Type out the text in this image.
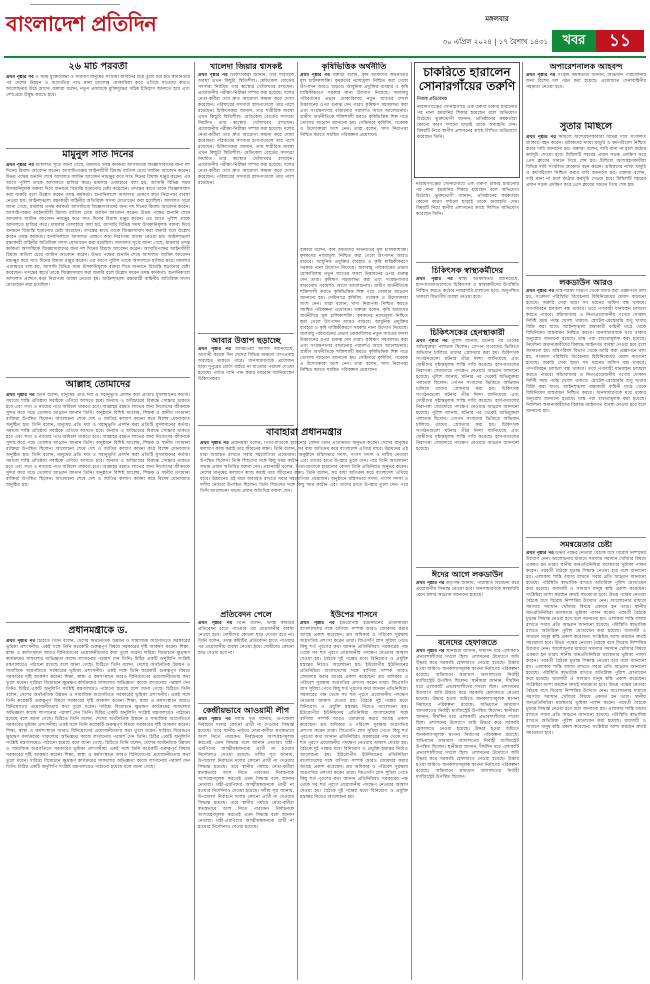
বাংলাদেশ প্রতিদিন	মঙ্গলবার
৩০ এপ্রিল ২০২৪ | ১৭ বৈশাখ ১৪৩১	খবর	১১
২৬ মার্চ পরবর্তী
প্রথম পৃষ্ঠার পর এ সময় মুক্তিযোদ্ধা ও সাধারণ মানুষের সংগ্রামী জীবনের চিত্র তুলে ধরা হয়। স্বাধীনতার পর দেশের উন্নয়ন ও অগ্রগতির পথে নানা চ্যালেঞ্জ মোকাবিলা করে এগিয়ে যাওয়ার কথাও আলোচনায় উঠে আসে। বক্তারা বলেন, নতুন প্রজন্মকে মুক্তিযুদ্ধের সঠিক ইতিহাস জানাতে হবে এবং দেশপ্রেমে উদ্বুদ্ধ করতে হবে।
মামুনুল সাত দিনের
প্রথম পৃষ্ঠার পর আদালত সূত্রে জানা গেছে, মামলার তদন্ত কর্মকর্তা আসামিকে জিজ্ঞাসাবাদের জন্য দশ দিনের রিমান্ড আবেদন করেন। আসামিপক্ষের আইনজীবী রিমান্ড বাতিল চেয়ে জামিন আবেদন করেন। উভয় পক্ষের শুনানি শেষে আদালত জামিন আবেদন নামঞ্জুর করে সাত দিনের রিমান্ড মঞ্জুর করেন। এর আগে পুলিশ তাকে আদালতে হাজির করে। মামলার এজাহারে বলা হয়, আসামি বিভিন্ন সময় উসকানিমূলক বক্তব্য দিয়ে জনমনে বিভ্রান্তি ছড়ানোর চেষ্টা করেছেন। তদন্তের স্বার্থে তাকে জিজ্ঞাসাবাদ করা জরুরি বলে উল্লেখ করেন তদন্ত কর্মকর্তা। শুনানিকালে আদালত প্রাঙ্গণে কড়া নিরাপত্তা ব্যবস্থা নেওয়া হয়। আইনশৃঙ্খলা রক্ষাকারী বাহিনীর অতিরিক্ত সদস্য মোতায়েন করা হয়েছিল। আদালত সূত্রে জানা গেছে, মামলার তদন্ত কর্মকর্তা আসামিকে জিজ্ঞাসাবাদের জন্য দশ দিনের রিমান্ড আবেদন করেন। আসামিপক্ষের আইনজীবী রিমান্ড বাতিল চেয়ে জামিন আবেদন করেন। উভয় পক্ষের শুনানি শেষে আদালত জামিন আবেদন নামঞ্জুর করে সাত দিনের রিমান্ড মঞ্জুর করেন। এর আগে পুলিশ তাকে আদালতে হাজির করে। মামলার এজাহারে বলা হয়, আসামি বিভিন্ন সময় উসকানিমূলক বক্তব্য দিয়ে জনমনে বিভ্রান্তি ছড়ানোর চেষ্টা করেছেন। তদন্তের স্বার্থে তাকে জিজ্ঞাসাবাদ করা জরুরি বলে উল্লেখ করেন তদন্ত কর্মকর্তা। শুনানিকালে আদালত প্রাঙ্গণে কড়া নিরাপত্তা ব্যবস্থা নেওয়া হয়। আইনশৃঙ্খলা রক্ষাকারী বাহিনীর অতিরিক্ত সদস্য মোতায়েন করা হয়েছিল। আদালত সূত্রে জানা গেছে, মামলার তদন্ত কর্মকর্তা আসামিকে জিজ্ঞাসাবাদের জন্য দশ দিনের রিমান্ড আবেদন করেন। আসামিপক্ষের আইনজীবী রিমান্ড বাতিল চেয়ে জামিন আবেদন করেন। উভয় পক্ষের শুনানি শেষে আদালত জামিন আবেদন নামঞ্জুর করে সাত দিনের রিমান্ড মঞ্জুর করেন। এর আগে পুলিশ তাকে আদালতে হাজির করে। মামলার এজাহারে বলা হয়, আসামি বিভিন্ন সময় উসকানিমূলক বক্তব্য দিয়ে জনমনে বিভ্রান্তি ছড়ানোর চেষ্টা করেছেন। তদন্তের স্বার্থে তাকে জিজ্ঞাসাবাদ করা জরুরি বলে উল্লেখ করেন তদন্ত কর্মকর্তা। শুনানিকালে আদালত প্রাঙ্গণে কড়া নিরাপত্তা ব্যবস্থা নেওয়া হয়। আইনশৃঙ্খলা রক্ষাকারী বাহিনীর অতিরিক্ত সদস্য মোতায়েন করা হয়েছিল।
আল্লাহ তোমাদের
প্রথম পৃষ্ঠার পর তিনি বলেন, মানুষের প্রতি দয়া ও সহানুভূতি প্রদর্শন করা প্রতিটি মুসলমানের কর্তব্য। সমাজে শান্তি প্রতিষ্ঠায় সবাইকে এগিয়ে আসতে হবে। অন্যায় ও অবিচারের বিরুদ্ধে সোচ্চার থাকতে হবে এবং সত্য ও ন্যায়ের পথে অবিচল থাকতে হবে। আল্লাহর রহমত লাভের জন্য নিজেদের জীবনকে সুন্দর করে গড়ে তোলার আহ্বান জানান তিনি। অনুষ্ঠানে বিশিষ্ট আলেম, শিক্ষক ও স্থানীয় গণ্যমান্য ব্যক্তিরা উপস্থিত ছিলেন। আলোচনা শেষে দেশ ও জাতির কল্যাণ কামনা করে বিশেষ মোনাজাত অনুষ্ঠিত হয়। তিনি বলেন, মানুষের প্রতি দয়া ও সহানুভূতি প্রদর্শন করা প্রতিটি মুসলমানের কর্তব্য। সমাজে শান্তি প্রতিষ্ঠায় সবাইকে এগিয়ে আসতে হবে। অন্যায় ও অবিচারের বিরুদ্ধে সোচ্চার থাকতে হবে এবং সত্য ও ন্যায়ের পথে অবিচল থাকতে হবে। আল্লাহর রহমত লাভের জন্য নিজেদের জীবনকে সুন্দর করে গড়ে তোলার আহ্বান জানান তিনি। অনুষ্ঠানে বিশিষ্ট আলেম, শিক্ষক ও স্থানীয় গণ্যমান্য ব্যক্তিরা উপস্থিত ছিলেন। আলোচনা শেষে দেশ ও জাতির কল্যাণ কামনা করে বিশেষ মোনাজাত অনুষ্ঠিত হয়। তিনি বলেন, মানুষের প্রতি দয়া ও সহানুভূতি প্রদর্শন করা প্রতিটি মুসলমানের কর্তব্য। সমাজে শান্তি প্রতিষ্ঠায় সবাইকে এগিয়ে আসতে হবে। অন্যায় ও অবিচারের বিরুদ্ধে সোচ্চার থাকতে হবে এবং সত্য ও ন্যায়ের পথে অবিচল থাকতে হবে। আল্লাহর রহমত লাভের জন্য নিজেদের জীবনকে সুন্দর করে গড়ে তোলার আহ্বান জানান তিনি। অনুষ্ঠানে বিশিষ্ট আলেম, শিক্ষক ও স্থানীয় গণ্যমান্য ব্যক্তিরা উপস্থিত ছিলেন। আলোচনা শেষে দেশ ও জাতির কল্যাণ কামনা করে বিশেষ মোনাজাত অনুষ্ঠিত হয়।
প্রধানমন্ত্রীকে ড.
প্রথম পৃষ্ঠার পর চিঠিতে তিনি বলেন, দেশের অর্থনৈতিক উন্নয়ন ও সামাজিক অগ্রগতিতে সরকারের ভূমিকা প্রশংসনীয়। একই সঙ্গে তিনি কয়েকটি গুরুত্বপূর্ণ বিষয়ে সরকারের দৃষ্টি আকর্ষণ করেন। শিক্ষা, স্বাস্থ্য ও কর্মসংস্থানে আরও বিনিয়োগের প্রয়োজনীয়তার কথা তুলে ধরেন। দারিদ্র্য বিমোচনে ক্ষুদ্রঋণ কার্যক্রমের সাফল্যের অভিজ্ঞতা কাজে লাগানোর পরামর্শ দেন তিনি। চিঠির একটি অনুলিপি সংশ্লিষ্ট মন্ত্রণালয়েও পাঠানো হয়েছে বলে জানা গেছে। চিঠিতে তিনি বলেন, দেশের অর্থনৈতিক উন্নয়ন ও সামাজিক অগ্রগতিতে সরকারের ভূমিকা প্রশংসনীয়। একই সঙ্গে তিনি কয়েকটি গুরুত্বপূর্ণ বিষয়ে সরকারের দৃষ্টি আকর্ষণ করেন। শিক্ষা, স্বাস্থ্য ও কর্মসংস্থানে আরও বিনিয়োগের প্রয়োজনীয়তার কথা তুলে ধরেন। দারিদ্র্য বিমোচনে ক্ষুদ্রঋণ কার্যক্রমের সাফল্যের অভিজ্ঞতা কাজে লাগানোর পরামর্শ দেন তিনি। চিঠির একটি অনুলিপি সংশ্লিষ্ট মন্ত্রণালয়েও পাঠানো হয়েছে বলে জানা গেছে। চিঠিতে তিনি বলেন, দেশের অর্থনৈতিক উন্নয়ন ও সামাজিক অগ্রগতিতে সরকারের ভূমিকা প্রশংসনীয়। একই সঙ্গে তিনি কয়েকটি গুরুত্বপূর্ণ বিষয়ে সরকারের দৃষ্টি আকর্ষণ করেন। শিক্ষা, স্বাস্থ্য ও কর্মসংস্থানে আরও বিনিয়োগের প্রয়োজনীয়তার কথা তুলে ধরেন। দারিদ্র্য বিমোচনে ক্ষুদ্রঋণ কার্যক্রমের সাফল্যের অভিজ্ঞতা কাজে লাগানোর পরামর্শ দেন তিনি। চিঠির একটি অনুলিপি সংশ্লিষ্ট মন্ত্রণালয়েও পাঠানো হয়েছে বলে জানা গেছে। চিঠিতে তিনি বলেন, দেশের অর্থনৈতিক উন্নয়ন ও সামাজিক অগ্রগতিতে সরকারের ভূমিকা প্রশংসনীয়। একই সঙ্গে তিনি কয়েকটি গুরুত্বপূর্ণ বিষয়ে সরকারের দৃষ্টি আকর্ষণ করেন। শিক্ষা, স্বাস্থ্য ও কর্মসংস্থানে আরও বিনিয়োগের প্রয়োজনীয়তার কথা তুলে ধরেন। দারিদ্র্য বিমোচনে ক্ষুদ্রঋণ কার্যক্রমের সাফল্যের অভিজ্ঞতা কাজে লাগানোর পরামর্শ দেন তিনি। চিঠির একটি অনুলিপি সংশ্লিষ্ট মন্ত্রণালয়েও পাঠানো হয়েছে বলে জানা গেছে। চিঠিতে তিনি বলেন, দেশের অর্থনৈতিক উন্নয়ন ও সামাজিক অগ্রগতিতে সরকারের ভূমিকা প্রশংসনীয়। একই সঙ্গে তিনি কয়েকটি গুরুত্বপূর্ণ বিষয়ে সরকারের দৃষ্টি আকর্ষণ করেন। শিক্ষা, স্বাস্থ্য ও কর্মসংস্থানে আরও বিনিয়োগের প্রয়োজনীয়তার কথা তুলে ধরেন। দারিদ্র্য বিমোচনে ক্ষুদ্রঋণ কার্যক্রমের সাফল্যের অভিজ্ঞতা কাজে লাগানোর পরামর্শ দেন তিনি। চিঠির একটি অনুলিপি সংশ্লিষ্ট মন্ত্রণালয়েও পাঠানো হয়েছে বলে জানা গেছে।
খালেদা জিয়ার শ্বাসকষ্ট
প্রথম পৃষ্ঠার পর চিকিৎসকরা জানান, তার শারীরিক অবস্থা এখন কিছুটা স্থিতিশীল। মেডিকেল বোর্ডের সদস্যরা নিয়মিত তার স্বাস্থ্যের খোঁজখবর রাখছেন। প্রয়োজনীয় পরীক্ষা-নিরীক্ষা সম্পন্ন করা হয়েছে। দলের নেতা-কর্মীরা তার দ্রুত আরোগ্য কামনা করে দোয়া করেছেন। পরিবারের সদস্যরা হাসপাতালে তার পাশে রয়েছেন। চিকিৎসকরা জানান, তার শারীরিক অবস্থা এখন কিছুটা স্থিতিশীল। মেডিকেল বোর্ডের সদস্যরা নিয়মিত তার স্বাস্থ্যের খোঁজখবর রাখছেন। প্রয়োজনীয় পরীক্ষা-নিরীক্ষা সম্পন্ন করা হয়েছে। দলের নেতা-কর্মীরা তার দ্রুত আরোগ্য কামনা করে দোয়া করেছেন। পরিবারের সদস্যরা হাসপাতালে তার পাশে রয়েছেন। চিকিৎসকরা জানান, তার শারীরিক অবস্থা এখন কিছুটা স্থিতিশীল। মেডিকেল বোর্ডের সদস্যরা নিয়মিত তার স্বাস্থ্যের খোঁজখবর রাখছেন। প্রয়োজনীয় পরীক্ষা-নিরীক্ষা সম্পন্ন করা হয়েছে। দলের নেতা-কর্মীরা তার দ্রুত আরোগ্য কামনা করে দোয়া করেছেন। পরিবারের সদস্যরা হাসপাতালে তার পাশে রয়েছেন।
আবার উত্তাপ ছড়াচ্ছে
প্রথম পৃষ্ঠার পর আবহাওয়া অফিস জানিয়েছে, আগামী কয়েক দিন দেশের বিভিন্ন অঞ্চলে তাপপ্রবাহ অব্যাহত থাকতে পারে। জনসাধারণকে প্রয়োজন ছাড়া দুপুরের রোদে বাইরে না যাওয়ার পরামর্শ দেওয়া হয়েছে। পর্যাপ্ত পানি পান করার আহ্বান জানিয়েছেন চিকিৎসকরা।
প্রতিবেদন পেলে
প্রথম পৃষ্ঠার পর তিনি বলেন, তদন্ত কমিটির প্রতিবেদন হাতে পাওয়ার পর প্রয়োজনীয় ব্যবস্থা নেওয়া হবে। দোষীদের কোনো ছাড় দেওয়া হবে না। তিনি বলেন, তদন্ত কমিটির প্রতিবেদন হাতে পাওয়ার পর প্রয়োজনীয় ব্যবস্থা নেওয়া হবে। দোষীদের কোনো ছাড় দেওয়া হবে না।
কেন্দ্রীয়ভাবে আওয়ামী লীগ
প্রথম পৃষ্ঠার পর দলীয় সূত্র জানায়, উপজেলা নির্বাচনে দলের কোনো প্রার্থী না দেওয়ার সিদ্ধান্ত হয়েছে। তবে স্থানীয় পর্যায়ে নেতা-কর্মীরা স্বতন্ত্রভাবে অংশ নিতে পারবেন। নির্বাচনকে অংশগ্রহণমূলক করতেই এমন সিদ্ধান্ত বলে জানান নেতারা। মন্ত্রী-এমপিদের আত্মীয়স্বজনকে প্রার্থী না হওয়ার নির্দেশনাও দেওয়া হয়েছে। দলীয় সূত্র জানায়, উপজেলা নির্বাচনে দলের কোনো প্রার্থী না দেওয়ার সিদ্ধান্ত হয়েছে। তবে স্থানীয় পর্যায়ে নেতা-কর্মীরা স্বতন্ত্রভাবে অংশ নিতে পারবেন। নির্বাচনকে অংশগ্রহণমূলক করতেই এমন সিদ্ধান্ত বলে জানান নেতারা। মন্ত্রী-এমপিদের আত্মীয়স্বজনকে প্রার্থী না হওয়ার নির্দেশনাও দেওয়া হয়েছে। দলীয় সূত্র জানায়, উপজেলা নির্বাচনে দলের কোনো প্রার্থী না দেওয়ার সিদ্ধান্ত হয়েছে। তবে স্থানীয় পর্যায়ে নেতা-কর্মীরা স্বতন্ত্রভাবে অংশ নিতে পারবেন। নির্বাচনকে অংশগ্রহণমূলক করতেই এমন সিদ্ধান্ত বলে জানান নেতারা। মন্ত্রী-এমপিদের আত্মীয়স্বজনকে প্রার্থী না হওয়ার নির্দেশনাও দেওয়া হয়েছে।
কৃষিভিত্তিক অর্থনীতি
প্রথম পৃষ্ঠার পর বক্তারা বলেন, কৃষি আমাদের অর্থনীতির মূল চালিকাশক্তি। কৃষকদের ন্যায্যমূল্য নিশ্চিত করা গেলে উৎপাদন আরও বাড়বে। আধুনিক প্রযুক্তির ব্যবহার ও কৃষি যান্ত্রিকীকরণে সরকার নানা উদ্যোগ নিয়েছে। জলবায়ু পরিবর্তনের প্রভাব মোকাবিলায় নতুন জাতের ফসল উদ্ভাবনের ওপর গুরুত্ব দেন তারা। কৃষিঋণ সহজলভ্য করা এবং সংরক্ষণাগার বাড়ানোর পরামর্শও আসে আলোচনায়। গ্রামীণ অর্থনীতিকে শক্তিশালী করতে কৃষিভিত্তিক শিল্প গড়ে তোলার আহ্বান জানানো হয়। সেমিনারে কৃষিবিদ, গবেষক ও উদ্যোক্তারা অংশ নেন। তারা বলেন, খাদ্য নিরাপত্তা নিশ্চিত করতে সমন্বিত পরিকল্পনা প্রয়োজন।
বাবাহারা প্রধানমন্ত্রীর
প্রথম পৃষ্ঠার পর প্রধানমন্ত্রী বলেন, পিতা-মাতাকে হারানোর বেদনা তিনি প্রতিনিয়ত অনুভব করেন। দেশের মানুষের কল্যাণে কাজ করাই তার জীবনের লক্ষ্য। তিনি বলেন, সব বাধা অতিক্রম করে বাংলাদেশ এগিয়ে যাবে। উন্নয়নের এই ধারা অব্যাহত রাখতে সবার সহযোগিতা প্রয়োজন। অনুষ্ঠানে মন্ত্রিসভার সদস্য, সংসদ সদস্য ও দলীয় নেতারা উপস্থিত ছিলেন। তিনি শিশুদের সঙ্গে কিছু সময় কাটান এবং তাদের হাতে উপহার তুলে দেন। পরে তিনি আলোচনা সভায় প্রধান অতিথির বক্তব্য দেন। প্রধানমন্ত্রী বলেন, পিতা-মাতাকে হারানোর বেদনা তিনি প্রতিনিয়ত অনুভব করেন। দেশের মানুষের কল্যাণে কাজ করাই তার জীবনের লক্ষ্য। তিনি বলেন, সব বাধা অতিক্রম করে বাংলাদেশ এগিয়ে যাবে। উন্নয়নের এই ধারা অব্যাহত রাখতে সবার সহযোগিতা প্রয়োজন। অনুষ্ঠানে মন্ত্রিসভার সদস্য, সংসদ সদস্য ও দলীয় নেতারা উপস্থিত ছিলেন। তিনি শিশুদের সঙ্গে কিছু সময় কাটান এবং তাদের হাতে উপহার তুলে দেন। পরে তিনি আলোচনা সভায় প্রধান অতিথির বক্তব্য দেন।
বক্তারা বলেন, কৃষি আমাদের অর্থনীতির মূল চালিকাশক্তি। কৃষকদের ন্যায্যমূল্য নিশ্চিত করা গেলে উৎপাদন আরও বাড়বে। আধুনিক প্রযুক্তির ব্যবহার ও কৃষি যান্ত্রিকীকরণে সরকার নানা উদ্যোগ নিয়েছে। জলবায়ু পরিবর্তনের প্রভাব মোকাবিলায় নতুন জাতের ফসল উদ্ভাবনের ওপর গুরুত্ব দেন তারা। কৃষিঋণ সহজলভ্য করা এবং সংরক্ষণাগার বাড়ানোর পরামর্শও আসে আলোচনায়। গ্রামীণ অর্থনীতিকে শক্তিশালী করতে কৃষিভিত্তিক শিল্প গড়ে তোলার আহ্বান জানানো হয়। সেমিনারে কৃষিবিদ, গবেষক ও উদ্যোক্তারা অংশ নেন। তারা বলেন, খাদ্য নিরাপত্তা নিশ্চিত করতে সমন্বিত পরিকল্পনা প্রয়োজন। বক্তারা বলেন, কৃষি আমাদের অর্থনীতির মূল চালিকাশক্তি। কৃষকদের ন্যায্যমূল্য নিশ্চিত করা গেলে উৎপাদন আরও বাড়বে। আধুনিক প্রযুক্তির ব্যবহার ও কৃষি যান্ত্রিকীকরণে সরকার নানা উদ্যোগ নিয়েছে। জলবায়ু পরিবর্তনের প্রভাব মোকাবিলায় নতুন জাতের ফসল উদ্ভাবনের ওপর গুরুত্ব দেন তারা। কৃষিঋণ সহজলভ্য করা এবং সংরক্ষণাগার বাড়ানোর পরামর্শও আসে আলোচনায়। গ্রামীণ অর্থনীতিকে শক্তিশালী করতে কৃষিভিত্তিক শিল্প গড়ে তোলার আহ্বান জানানো হয়। সেমিনারে কৃষিবিদ, গবেষক ও উদ্যোক্তারা অংশ নেন। তারা বলেন, খাদ্য নিরাপত্তা নিশ্চিত করতে সমন্বিত পরিকল্পনা প্রয়োজন।
ইউপের শাসনে
প্রথম পৃষ্ঠার পর ইউরোপীয় ইউনিয়নের প্রতিনিধিরা বাংলাদেশের সঙ্গে বাণিজ্য সম্পর্ক আরও জোরদার করার আগ্রহ প্রকাশ করেছেন। শ্রম অধিকার ও পরিবেশ সুরক্ষায় অগ্রগতির প্রশংসা করেন তারা। জিএসপি প্লাস সুবিধা পেতে কিছু শর্ত পূরণের কথা জানান প্রতিনিধিরা। সরকারের পক্ষ থেকে সব শর্ত পূরণে প্রয়োজনীয় পদক্ষেপ নেওয়ার আশ্বাস দেওয়া হয়। বৈঠকে দুই পক্ষের মধ্যে বিনিয়োগ ও প্রযুক্তি হস্তান্তর নিয়েও আলোচনা হয়। ইউরোপীয় ইউনিয়নের প্রতিনিধিরা বাংলাদেশের সঙ্গে বাণিজ্য সম্পর্ক আরও জোরদার করার আগ্রহ প্রকাশ করেছেন। শ্রম অধিকার ও পরিবেশ সুরক্ষায় অগ্রগতির প্রশংসা করেন তারা। জিএসপি প্লাস সুবিধা পেতে কিছু শর্ত পূরণের কথা জানান প্রতিনিধিরা। সরকারের পক্ষ থেকে সব শর্ত পূরণে প্রয়োজনীয় পদক্ষেপ নেওয়ার আশ্বাস দেওয়া হয়। বৈঠকে দুই পক্ষের মধ্যে বিনিয়োগ ও প্রযুক্তি হস্তান্তর নিয়েও আলোচনা হয়। ইউরোপীয় ইউনিয়নের প্রতিনিধিরা বাংলাদেশের সঙ্গে বাণিজ্য সম্পর্ক আরও জোরদার করার আগ্রহ প্রকাশ করেছেন। শ্রম অধিকার ও পরিবেশ সুরক্ষায় অগ্রগতির প্রশংসা করেন তারা। জিএসপি প্লাস সুবিধা পেতে কিছু শর্ত পূরণের কথা জানান প্রতিনিধিরা। সরকারের পক্ষ থেকে সব শর্ত পূরণে প্রয়োজনীয় পদক্ষেপ নেওয়ার আশ্বাস দেওয়া হয়। বৈঠকে দুই পক্ষের মধ্যে বিনিয়োগ ও প্রযুক্তি হস্তান্তর নিয়েও আলোচনা হয়। ইউরোপীয় ইউনিয়নের প্রতিনিধিরা বাংলাদেশের সঙ্গে বাণিজ্য সম্পর্ক আরও জোরদার করার আগ্রহ প্রকাশ করেছেন। শ্রম অধিকার ও পরিবেশ সুরক্ষায় অগ্রগতির প্রশংসা করেন তারা। জিএসপি প্লাস সুবিধা পেতে কিছু শর্ত পূরণের কথা জানান প্রতিনিধিরা। সরকারের পক্ষ থেকে সব শর্ত পূরণে প্রয়োজনীয় পদক্ষেপ নেওয়ার আশ্বাস দেওয়া হয়। বৈঠকে দুই পক্ষের মধ্যে বিনিয়োগ ও প্রযুক্তি হস্তান্তর নিয়েও আলোচনা হয়।
চাকরিতে হারালেন সোনারগাঁয়ের তরুণি
নিজস্ব প্রতিবেদক
নারায়ণগঞ্জের সোনারগাঁয়ে এক তরুণী চাকরি হারানোর পর নানা হয়রানির শিকার হয়েছেন বলে অভিযোগ উঠেছে। ভুক্তভোগী জানান, প্রতিষ্ঠানের কর্মকর্তারা কোনো কারণ দর্শানো ছাড়াই তাকে অব্যাহতি দেন। বিষয়টি নিয়ে স্থানীয় প্রশাসনের কাছে লিখিত অভিযোগ করেছেন তিনি।
নারায়ণগঞ্জের সোনারগাঁয়ে এক তরুণী চাকরি হারানোর পর নানা হয়রানির শিকার হয়েছেন বলে অভিযোগ উঠেছে। ভুক্তভোগী জানান, প্রতিষ্ঠানের কর্মকর্তারা কোনো কারণ দর্শানো ছাড়াই তাকে অব্যাহতি দেন। বিষয়টি নিয়ে স্থানীয় প্রশাসনের কাছে লিখিত অভিযোগ করেছেন তিনি।
চিকিৎসক স্বাস্থ্যকর্মীদের
প্রথম পৃষ্ঠার পর স্বাস্থ্য অধিদফতর জানিয়েছে, হাসপাতালগুলোতে চিকিৎসক ও স্বাস্থ্যকর্মীদের উপস্থিতি নিশ্চিত করতে কঠোর নজরদারি চালানো হবে। অনুপস্থিত থাকলে বিভাগীয় ব্যবস্থা নেওয়া হবে।
চিকিৎসকের হেনস্থাকারী
প্রথম পৃষ্ঠার পর পুলিশ জানায়, ঘটনার পর থেকেই অভিযুক্তরা পলাতক ছিলেন। গোপন সংবাদের ভিত্তিতে অভিযান চালিয়ে তাদের গ্রেফতার করা হয়। চিকিৎসক সংগঠনগুলো ঘটনার তীব্র নিন্দা জানিয়েছে এবং দোষীদের দৃষ্টান্তমূলক শাস্তি দাবি করেছে। হাসপাতালের নিরাপত্তা জোরদারে পদক্ষেপ নেওয়ার আহ্বান জানানো হয়েছে। পুলিশ জানায়, ঘটনার পর থেকেই অভিযুক্তরা পলাতক ছিলেন। গোপন সংবাদের ভিত্তিতে অভিযান চালিয়ে তাদের গ্রেফতার করা হয়। চিকিৎসক সংগঠনগুলো ঘটনার তীব্র নিন্দা জানিয়েছে এবং দোষীদের দৃষ্টান্তমূলক শাস্তি দাবি করেছে। হাসপাতালের নিরাপত্তা জোরদারে পদক্ষেপ নেওয়ার আহ্বান জানানো হয়েছে। পুলিশ জানায়, ঘটনার পর থেকেই অভিযুক্তরা পলাতক ছিলেন। গোপন সংবাদের ভিত্তিতে অভিযান চালিয়ে তাদের গ্রেফতার করা হয়। চিকিৎসক সংগঠনগুলো ঘটনার তীব্র নিন্দা জানিয়েছে এবং দোষীদের দৃষ্টান্তমূলক শাস্তি দাবি করেছে। হাসপাতালের নিরাপত্তা জোরদারে পদক্ষেপ নেওয়ার আহ্বান জানানো হয়েছে।
ঈদের আগে লকডাউন
প্রথম পৃষ্ঠার পর কর্তৃপক্ষ জানায়, পরিস্থিতি বিবেচনা করে প্রয়োজনীয় সিদ্ধান্ত নেওয়া হবে। জনসাধারণকে স্বাস্থ্যবিধি মেনে চলার আহ্বান জানানো হয়েছে।
বনেদের হেফাজতে
প্রথম পৃষ্ঠার পর স্থানীয়রা জানান, দীর্ঘদিন ধরে এলাকাটি প্রভাবশালীদের দখলে ছিল। প্রশাসনের উদ্যোগে জমি উদ্ধার করে সরকারি হেফাজতে নেওয়া হয়েছে। উদ্ধার হওয়া জমিতে জনকল্যাণমূলক স্থাপনা নির্মাণের পরিকল্পনা রয়েছে। অভিযানে ভ্রাম্যমাণ আদালতের নির্বাহী ম্যাজিস্ট্রেট উপস্থিত ছিলেন। স্থানীয়রা জানান, দীর্ঘদিন ধরে এলাকাটি প্রভাবশালীদের দখলে ছিল। প্রশাসনের উদ্যোগে জমি উদ্ধার করে সরকারি হেফাজতে নেওয়া হয়েছে। উদ্ধার হওয়া জমিতে জনকল্যাণমূলক স্থাপনা নির্মাণের পরিকল্পনা রয়েছে। অভিযানে ভ্রাম্যমাণ আদালতের নির্বাহী ম্যাজিস্ট্রেট উপস্থিত ছিলেন। স্থানীয়রা জানান, দীর্ঘদিন ধরে এলাকাটি প্রভাবশালীদের দখলে ছিল। প্রশাসনের উদ্যোগে জমি উদ্ধার করে সরকারি হেফাজতে নেওয়া হয়েছে। উদ্ধার হওয়া জমিতে জনকল্যাণমূলক স্থাপনা নির্মাণের পরিকল্পনা রয়েছে। অভিযানে ভ্রাম্যমাণ আদালতের নির্বাহী ম্যাজিস্ট্রেট উপস্থিত ছিলেন। স্থানীয়রা জানান, দীর্ঘদিন ধরে এলাকাটি প্রভাবশালীদের দখলে ছিল। প্রশাসনের উদ্যোগে জমি উদ্ধার করে সরকারি হেফাজতে নেওয়া হয়েছে। উদ্ধার হওয়া জমিতে জনকল্যাণমূলক স্থাপনা নির্মাণের পরিকল্পনা রয়েছে। অভিযানে ভ্রাম্যমাণ আদালতের নির্বাহী ম্যাজিস্ট্রেট উপস্থিত ছিলেন।
অপারেশনালক আহবন্দ
প্রথম পৃষ্ঠার পর সংশ্লিষ্ট কর্মকর্তারা জানান, অভিযান পরিচালনার জন্য বিশেষ দল গঠন করা হয়েছে। প্রয়োজনে সেনাবাহিনীর সহায়তা নেওয়া হবে।
সুতার মিছিলে
প্রথম পৃষ্ঠার পর মিছিলে অংশগ্রহণকারীরা বিভিন্ন দাবি সংবলিত প্ল্যাকার্ড বহন করেন। শ্রমিকদের ন্যায্য মজুরি ও কর্মপরিবেশ নিশ্চিত করার দাবি জানানো হয়। বক্তারা বলেন, দাবি মানা না হলে কঠোর কর্মসূচি দেওয়া হবে। মিছিলটি শহরের প্রধান সড়ক প্রদক্ষিণ করে প্রেস ক্লাবের সামনে গিয়ে শেষ হয়। মিছিলে অংশগ্রহণকারীরা বিভিন্ন দাবি সংবলিত প্ল্যাকার্ড বহন করেন। শ্রমিকদের ন্যায্য মজুরি ও কর্মপরিবেশ নিশ্চিত করার দাবি জানানো হয়। বক্তারা বলেন, দাবি মানা না হলে কঠোর কর্মসূচি দেওয়া হবে। মিছিলটি শহরের প্রধান সড়ক প্রদক্ষিণ করে প্রেস ক্লাবের সামনে গিয়ে শেষ হয়।
লকডাউন আরও
প্রথম পৃষ্ঠার পর মন্ত্রিপরিষদ বিভাগ থেকে জারি করা প্রজ্ঞাপনে বলা হয়, সংক্রমণ পরিস্থিতি বিবেচনায় বিধিনিষেধের মেয়াদ বাড়ানো হয়েছে। জরুরি সেবা ছাড়া সব ধরনের অফিস বন্ধ থাকবে। গণপরিবহন চলাচল বন্ধ থাকবে। তবে পণ্যবাহী যানবাহন চলাচল করতে পারবে। কাঁচাবাজার ও নিত্যপ্রয়োজনীয় পণ্যের দোকান নির্দিষ্ট সময় পর্যন্ত খোলা থাকবে। হোটেল-রেস্তোরাঁয় শুধু খাবার বিক্রি করা যাবে। আইনশৃঙ্খলা রক্ষাকারী বাহিনী মাঠে থেকে বিধিনিষেধ বাস্তবায়ন নিশ্চিত করবে। জনসাধারণকে ঘরে থাকার অনুরোধ জানানো হয়েছে। মাস্ক পরা বাধ্যতামূলক করা হয়েছে। নির্দেশনা অমান্যকারীদের বিরুদ্ধে আইনগত ব্যবস্থা নেওয়া হবে বলে জানানো হয়। মন্ত্রিপরিষদ বিভাগ থেকে জারি করা প্রজ্ঞাপনে বলা হয়, সংক্রমণ পরিস্থিতি বিবেচনায় বিধিনিষেধের মেয়াদ বাড়ানো হয়েছে। জরুরি সেবা ছাড়া সব ধরনের অফিস বন্ধ থাকবে। গণপরিবহন চলাচল বন্ধ থাকবে। তবে পণ্যবাহী যানবাহন চলাচল করতে পারবে। কাঁচাবাজার ও নিত্যপ্রয়োজনীয় পণ্যের দোকান নির্দিষ্ট সময় পর্যন্ত খোলা থাকবে। হোটেল-রেস্তোরাঁয় শুধু খাবার বিক্রি করা যাবে। আইনশৃঙ্খলা রক্ষাকারী বাহিনী মাঠে থেকে বিধিনিষেধ বাস্তবায়ন নিশ্চিত করবে। জনসাধারণকে ঘরে থাকার অনুরোধ জানানো হয়েছে। মাস্ক পরা বাধ্যতামূলক করা হয়েছে। নির্দেশনা অমান্যকারীদের বিরুদ্ধে আইনগত ব্যবস্থা নেওয়া হবে বলে জানানো হয়।
সমন্বয়েতার চেষ্টা
প্রথম পৃষ্ঠার পর উভয় পক্ষের নেতারা বৈঠকে বসে বিরোধ নিষ্পত্তির উদ্যোগ নেন। আলোচনার মাধ্যমে সমস্যার সমাধান খোঁজার বিষয়ে একমত হন তারা। স্থানীয় জনপ্রতিনিধিরা মধ্যস্থতার ভূমিকা পালন করেন। পরবর্তী বৈঠকে চূড়ান্ত সিদ্ধান্ত নেওয়া হবে বলে জানানো হয়। এলাকায় শান্তি বজায় রাখতে সবার প্রতি আহ্বান জানানো হয়েছে। পরিস্থিতি স্বাভাবিক রাখতে অতিরিক্ত পুলিশ মোতায়েন করা হয়েছে। ব্যবসায়ী ও সাধারণ মানুষ স্বস্তি প্রকাশ করেছেন। সংশ্লিষ্টরা আশা করছেন দ্রুতই সমঝোতা হবে। উভয় পক্ষের নেতারা বৈঠকে বসে বিরোধ নিষ্পত্তির উদ্যোগ নেন। আলোচনার মাধ্যমে সমস্যার সমাধান খোঁজার বিষয়ে একমত হন তারা। স্থানীয় জনপ্রতিনিধিরা মধ্যস্থতার ভূমিকা পালন করেন। পরবর্তী বৈঠকে চূড়ান্ত সিদ্ধান্ত নেওয়া হবে বলে জানানো হয়। এলাকায় শান্তি বজায় রাখতে সবার প্রতি আহ্বান জানানো হয়েছে। পরিস্থিতি স্বাভাবিক রাখতে অতিরিক্ত পুলিশ মোতায়েন করা হয়েছে। ব্যবসায়ী ও সাধারণ মানুষ স্বস্তি প্রকাশ করেছেন। সংশ্লিষ্টরা আশা করছেন দ্রুতই সমঝোতা হবে। উভয় পক্ষের নেতারা বৈঠকে বসে বিরোধ নিষ্পত্তির উদ্যোগ নেন। আলোচনার মাধ্যমে সমস্যার সমাধান খোঁজার বিষয়ে একমত হন তারা। স্থানীয় জনপ্রতিনিধিরা মধ্যস্থতার ভূমিকা পালন করেন। পরবর্তী বৈঠকে চূড়ান্ত সিদ্ধান্ত নেওয়া হবে বলে জানানো হয়। এলাকায় শান্তি বজায় রাখতে সবার প্রতি আহ্বান জানানো হয়েছে। পরিস্থিতি স্বাভাবিক রাখতে অতিরিক্ত পুলিশ মোতায়েন করা হয়েছে। ব্যবসায়ী ও সাধারণ মানুষ স্বস্তি প্রকাশ করেছেন। সংশ্লিষ্টরা আশা করছেন দ্রুতই সমঝোতা হবে। উভয় পক্ষের নেতারা বৈঠকে বসে বিরোধ নিষ্পত্তির উদ্যোগ নেন। আলোচনার মাধ্যমে সমস্যার সমাধান খোঁজার বিষয়ে একমত হন তারা। স্থানীয় জনপ্রতিনিধিরা মধ্যস্থতার ভূমিকা পালন করেন। পরবর্তী বৈঠকে চূড়ান্ত সিদ্ধান্ত নেওয়া হবে বলে জানানো হয়। এলাকায় শান্তি বজায় রাখতে সবার প্রতি আহ্বান জানানো হয়েছে। পরিস্থিতি স্বাভাবিক রাখতে অতিরিক্ত পুলিশ মোতায়েন করা হয়েছে। ব্যবসায়ী ও সাধারণ মানুষ স্বস্তি প্রকাশ করেছেন। সংশ্লিষ্টরা আশা করছেন দ্রুতই সমঝোতা হবে।
